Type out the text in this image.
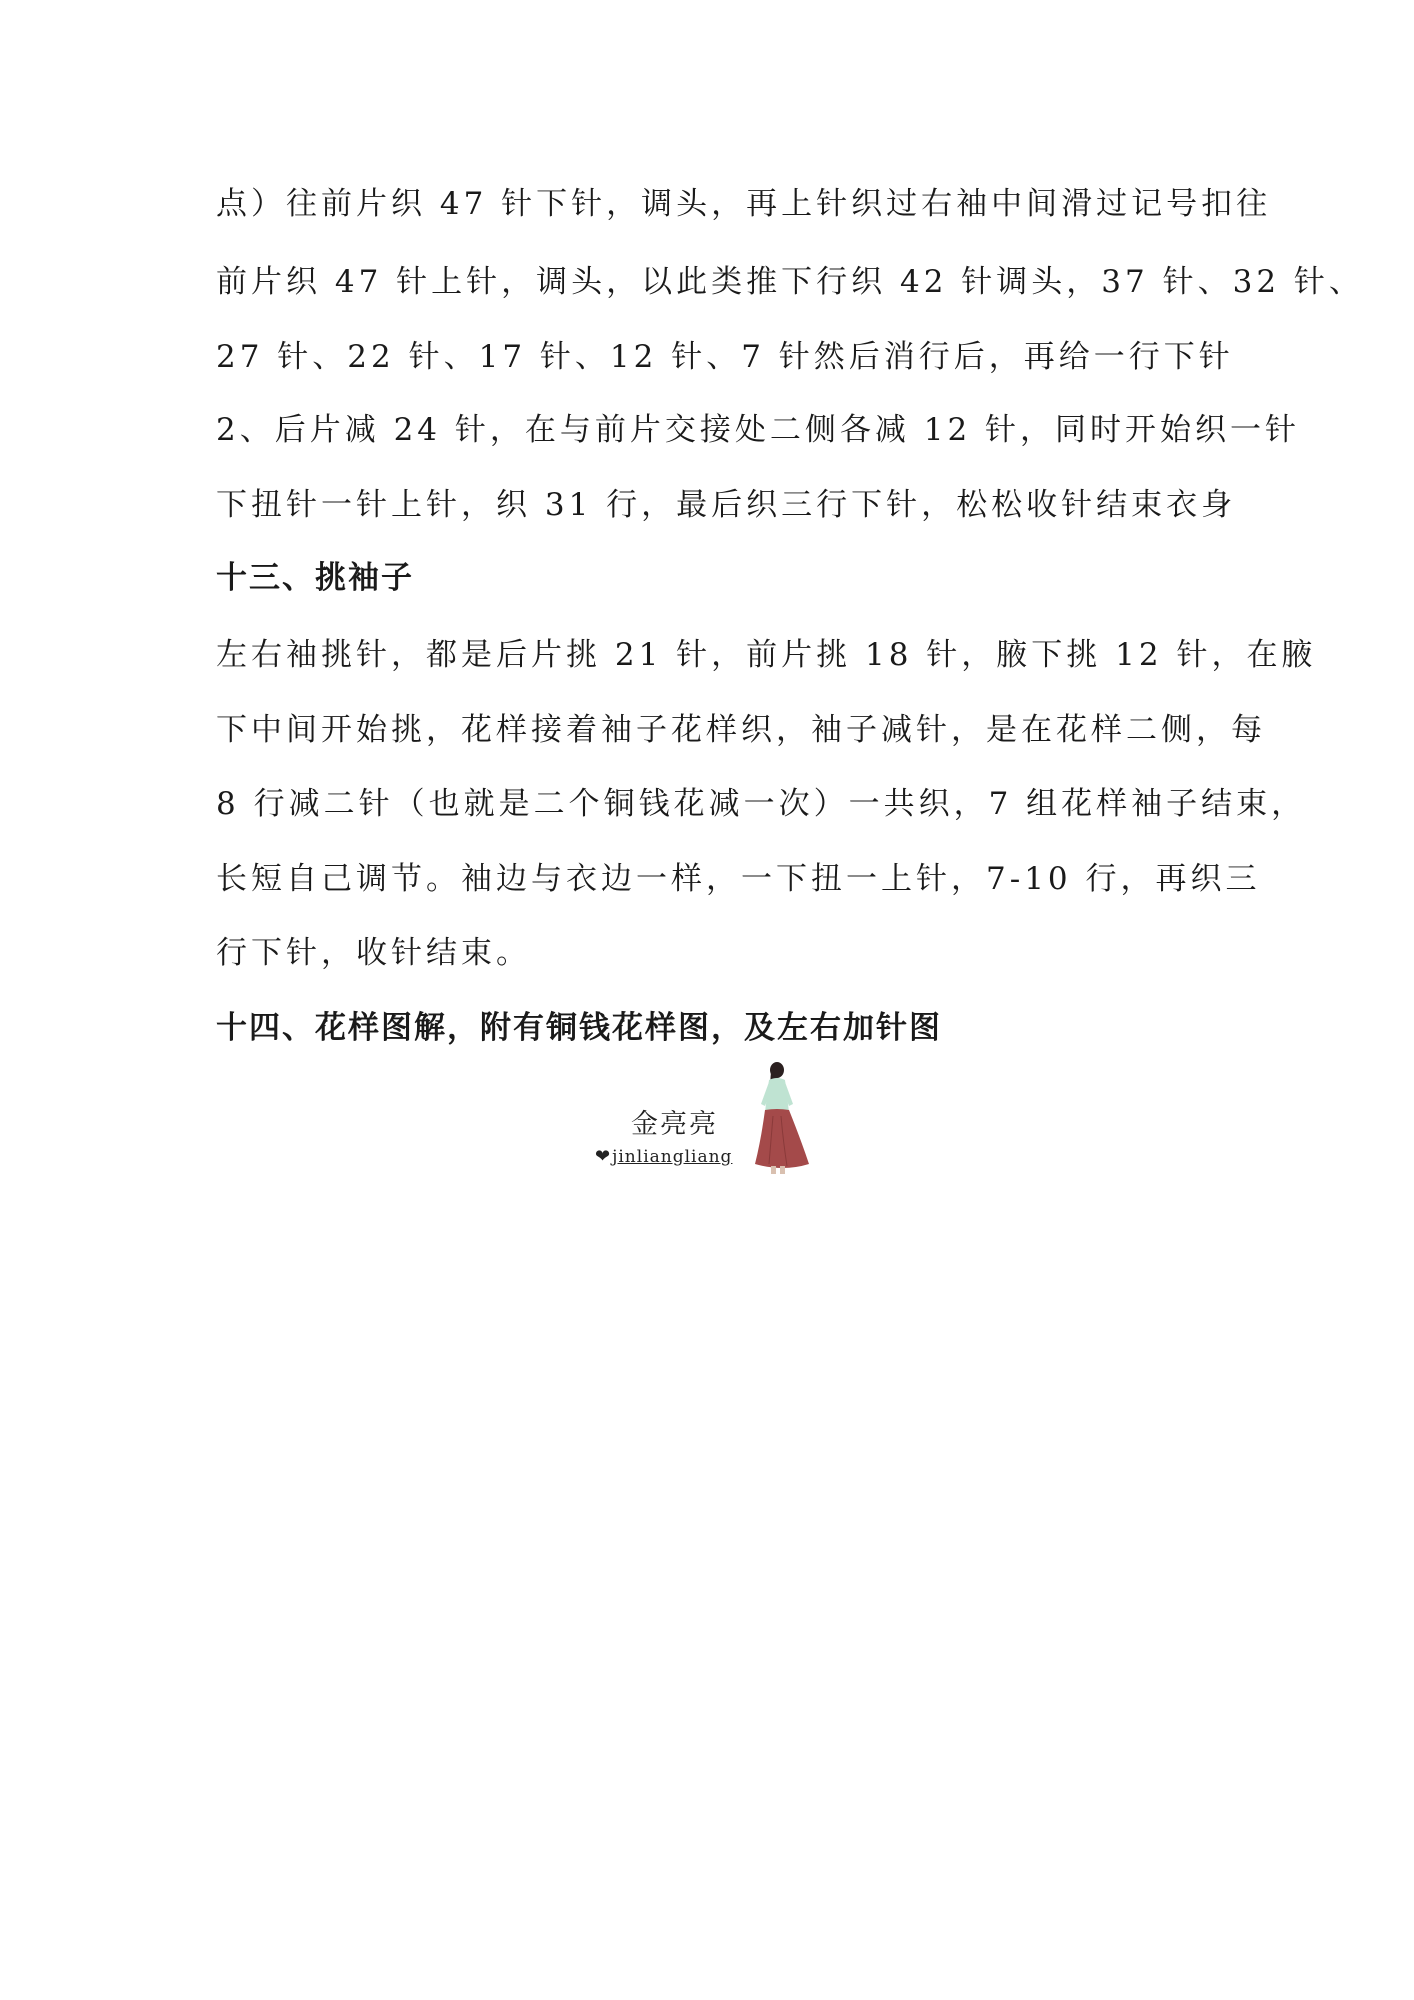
点）往前片织 47 针下针，调头，再上针织过右袖中间滑过记号扣往
前片织 47 针上针，调头，以此类推下行织 42 针调头，37 针、32 针、
27 针、22 针、17 针、12 针、7 针然后消行后，再给一行下针
2、后片减 24 针，在与前片交接处二侧各减 12 针，同时开始织一针
下扭针一针上针，织 31 行，最后织三行下针，松松收针结束衣身
十三、挑袖子
左右袖挑针，都是后片挑 21 针，前片挑 18 针，腋下挑 12 针，在腋
下中间开始挑，花样接着袖子花样织，袖子减针，是在花样二侧，每
8 行减二针（也就是二个铜钱花减一次）一共织，7 组花样袖子结束，
长短自己调节。袖边与衣边一样，一下扭一上针，7-10 行，再织三
行下针，收针结束。
十四、花样图解，附有铜钱花样图，及左右加针图
金亮亮
❤ jinliangliang
